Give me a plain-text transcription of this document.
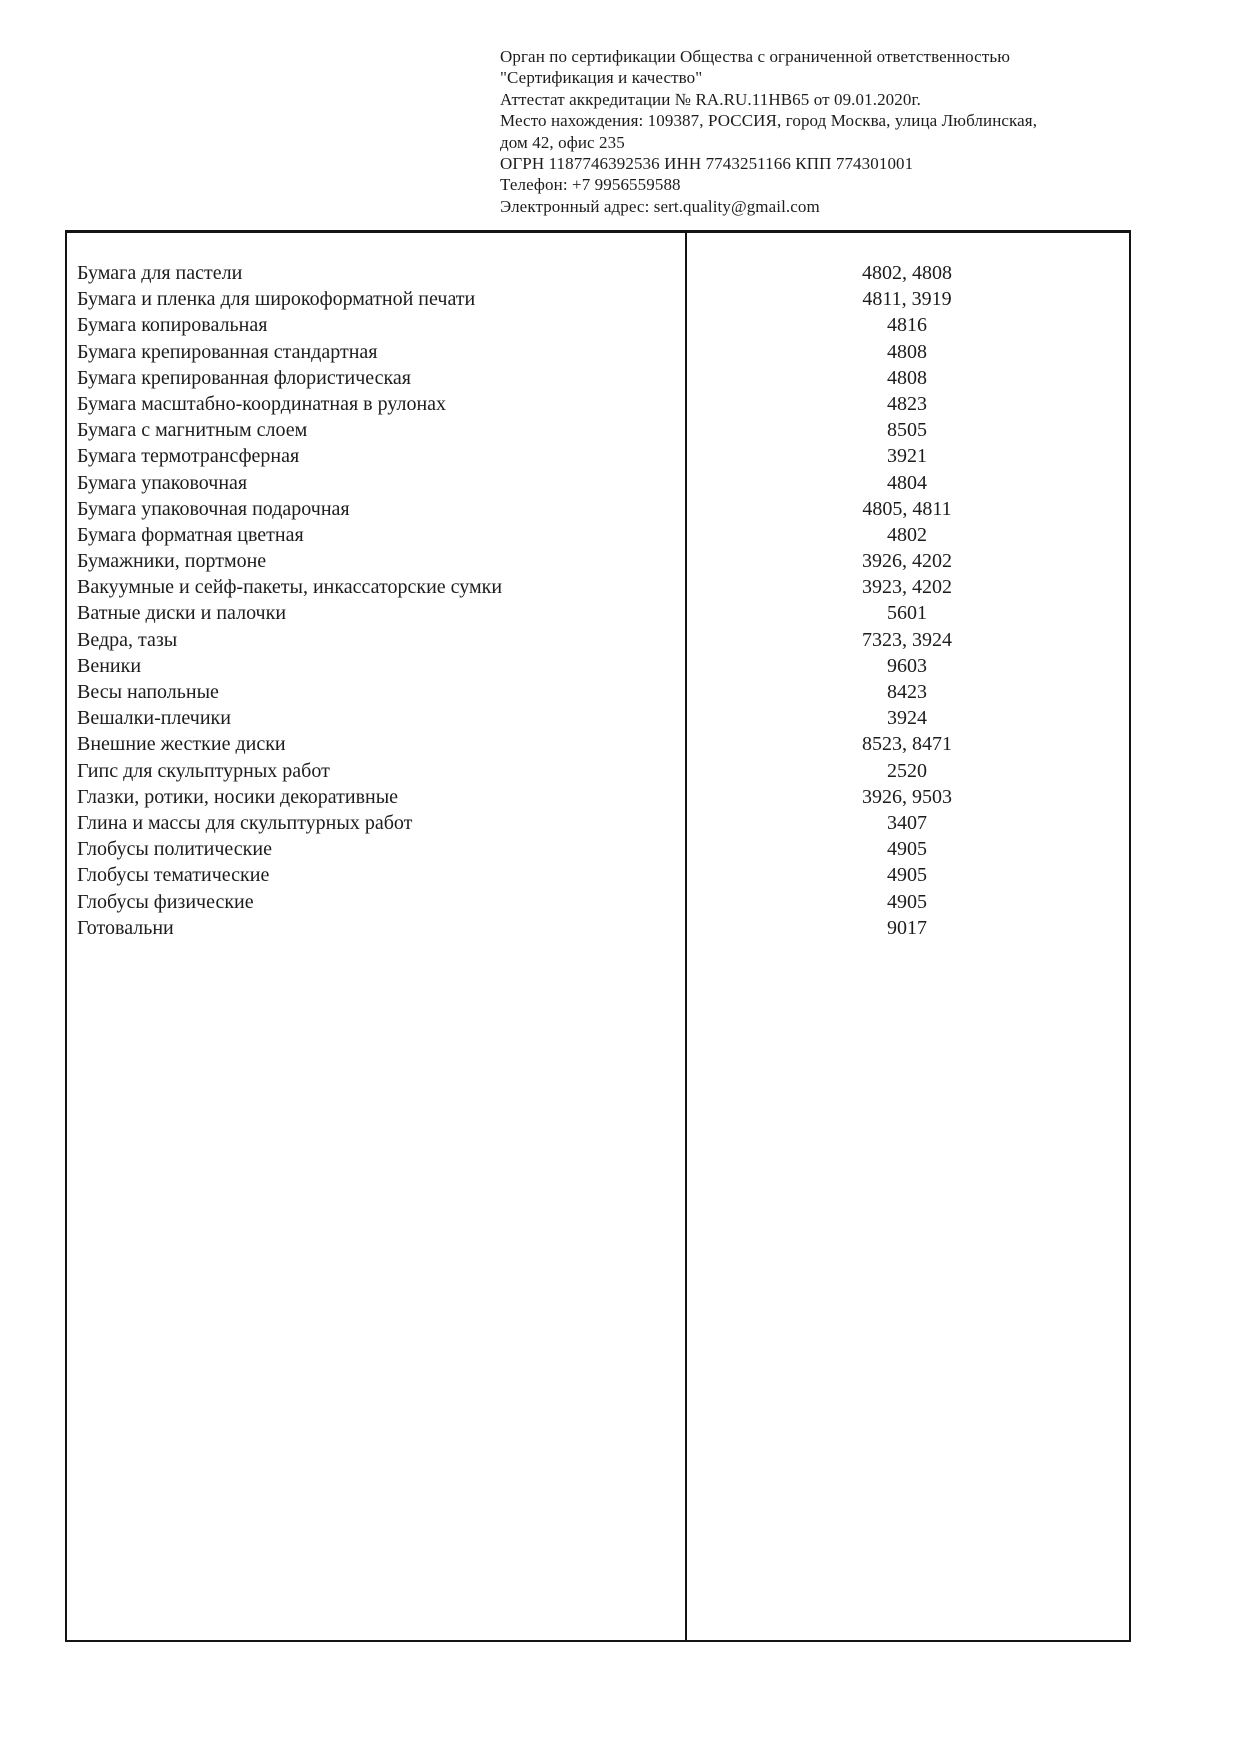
Орган по сертификации Общества с ограниченной ответственностью
"Сертификация и качество"
Аттестат аккредитации № RA.RU.11НВ65 от 09.01.2020г.
Место нахождения: 109387, РОССИЯ, город Москва, улица Люблинская,
дом 42, офис 235
ОГРН 1187746392536 ИНН 7743251166 КПП 774301001
Телефон: +7 9956559588
Электронный адрес: sert.quality@gmail.com
Бумага для пастели	4802, 4808
Бумага и пленка для широкоформатной печати	4811, 3919
Бумага копировальная	4816
Бумага крепированная стандартная	4808
Бумага крепированная флористическая	4808
Бумага масштабно-координатная в рулонах	4823
Бумага с магнитным слоем	8505
Бумага термотрансферная	3921
Бумага упаковочная	4804
Бумага упаковочная подарочная	4805, 4811
Бумага форматная цветная	4802
Бумажники, портмоне	3926, 4202
Вакуумные и сейф-пакеты, инкассаторские сумки	3923, 4202
Ватные диски и палочки	5601
Ведра, тазы	7323, 3924
Веники	9603
Весы напольные	8423
Вешалки-плечики	3924
Внешние жесткие диски	8523, 8471
Гипс для скульптурных работ	2520
Глазки, ротики, носики декоративные	3926, 9503
Глина и массы для скульптурных работ	3407
Глобусы политические	4905
Глобусы тематические	4905
Глобусы физические	4905
Готовальни	9017
